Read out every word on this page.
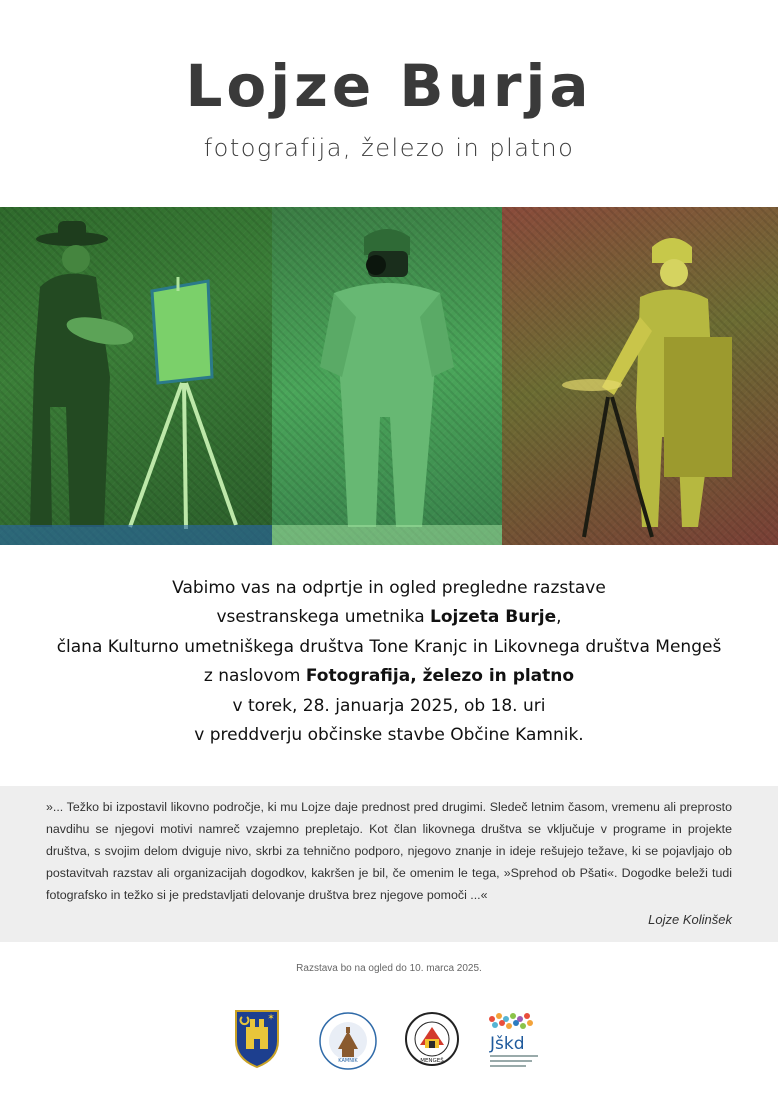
Lojze Burja
fotografija, železo in platno
Vabimo vas na odprtje in ogled pregledne razstave
vsestranskega umetnika Lojzeta Burje,
člana Kulturno umetniškega društva Tone Kranjc in Likovnega društva Mengeš
z naslovom Fotografija, železo in platno
v torek, 28. januarja 2025, ob 18. uri
v preddverju občinske stavbe Občine Kamnik.
»... Težko bi izpostavil likovno področje, ki mu Lojze daje prednost pred drugimi. Sledeč letnim časom, vremenu ali preprosto navdihu se njegovi motivi namreč vzajemno prepletajo. Kot član likovnega društva se vključuje v programe in projekte društva, s svojim delom dviguje nivo, skrbi za tehnično podporo, njegovo znanje in ideje rešujejo težave, ki se pojavljajo ob postavitvah razstav ali organizacijah dogodkov, kakršen je bil, če omenim le tega, »Sprehod ob Pšati«. Dogodke beleži tudi fotografsko in težko si je predstavljati delovanje društva brez njegove pomoči ...«
Lojze Kolinšek
Razstava bo na ogled do 10. marca 2025.
✶
KAMNIK	MENGEŠ
Jškd
